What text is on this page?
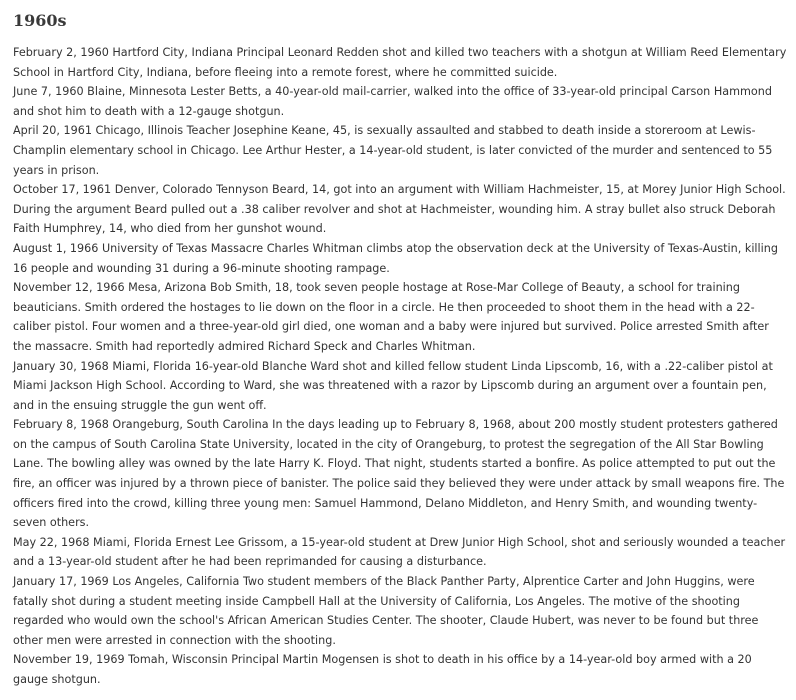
1960s

February 2, 1960 Hartford City, Indiana Principal Leonard Redden shot and killed two teachers with a shotgun at William Reed Elementary School in Hartford City, Indiana, before fleeing into a remote forest, where he committed suicide.

June 7, 1960 Blaine, Minnesota Lester Betts, a 40-year-old mail-carrier, walked into the office of 33-year-old principal Carson Hammond and shot him to death with a 12-gauge shotgun.

April 20, 1961 Chicago, Illinois Teacher Josephine Keane, 45, is sexually assaulted and stabbed to death inside a storeroom at Lewis-Champlin elementary school in Chicago. Lee Arthur Hester, a 14-year-old student, is later convicted of the murder and sentenced to 55 years in prison.

October 17, 1961 Denver, Colorado Tennyson Beard, 14, got into an argument with William Hachmeister, 15, at Morey Junior High School. During the argument Beard pulled out a .38 caliber revolver and shot at Hachmeister, wounding him. A stray bullet also struck Deborah Faith Humphrey, 14, who died from her gunshot wound.

August 1, 1966 University of Texas Massacre Charles Whitman climbs atop the observation deck at the University of Texas-Austin, killing 16 people and wounding 31 during a 96-minute shooting rampage.

November 12, 1966 Mesa, Arizona Bob Smith, 18, took seven people hostage at Rose-Mar College of Beauty, a school for training beauticians. Smith ordered the hostages to lie down on the floor in a circle. He then proceeded to shoot them in the head with a 22-caliber pistol. Four women and a three-year-old girl died, one woman and a baby were injured but survived. Police arrested Smith after the massacre. Smith had reportedly admired Richard Speck and Charles Whitman.

January 30, 1968 Miami, Florida 16-year-old Blanche Ward shot and killed fellow student Linda Lipscomb, 16, with a .22-caliber pistol at Miami Jackson High School. According to Ward, she was threatened with a razor by Lipscomb during an argument over a fountain pen, and in the ensuing struggle the gun went off.

February 8, 1968 Orangeburg, South Carolina In the days leading up to February 8, 1968, about 200 mostly student protesters gathered on the campus of South Carolina State University, located in the city of Orangeburg, to protest the segregation of the All Star Bowling Lane. The bowling alley was owned by the late Harry K. Floyd. That night, students started a bonfire. As police attempted to put out the fire, an officer was injured by a thrown piece of banister. The police said they believed they were under attack by small weapons fire. The officers fired into the crowd, killing three young men: Samuel Hammond, Delano Middleton, and Henry Smith, and wounding twenty-seven others.

May 22, 1968 Miami, Florida Ernest Lee Grissom, a 15-year-old student at Drew Junior High School, shot and seriously wounded a teacher and a 13-year-old student after he had been reprimanded for causing a disturbance.

January 17, 1969 Los Angeles, California Two student members of the Black Panther Party, Alprentice Carter and John Huggins, were fatally shot during a student meeting inside Campbell Hall at the University of California, Los Angeles. The motive of the shooting regarded who would own the school's African American Studies Center. The shooter, Claude Hubert, was never to be found but three other men were arrested in connection with the shooting.

November 19, 1969 Tomah, Wisconsin Principal Martin Mogensen is shot to death in his office by a 14-year-old boy armed with a 20 gauge shotgun.
